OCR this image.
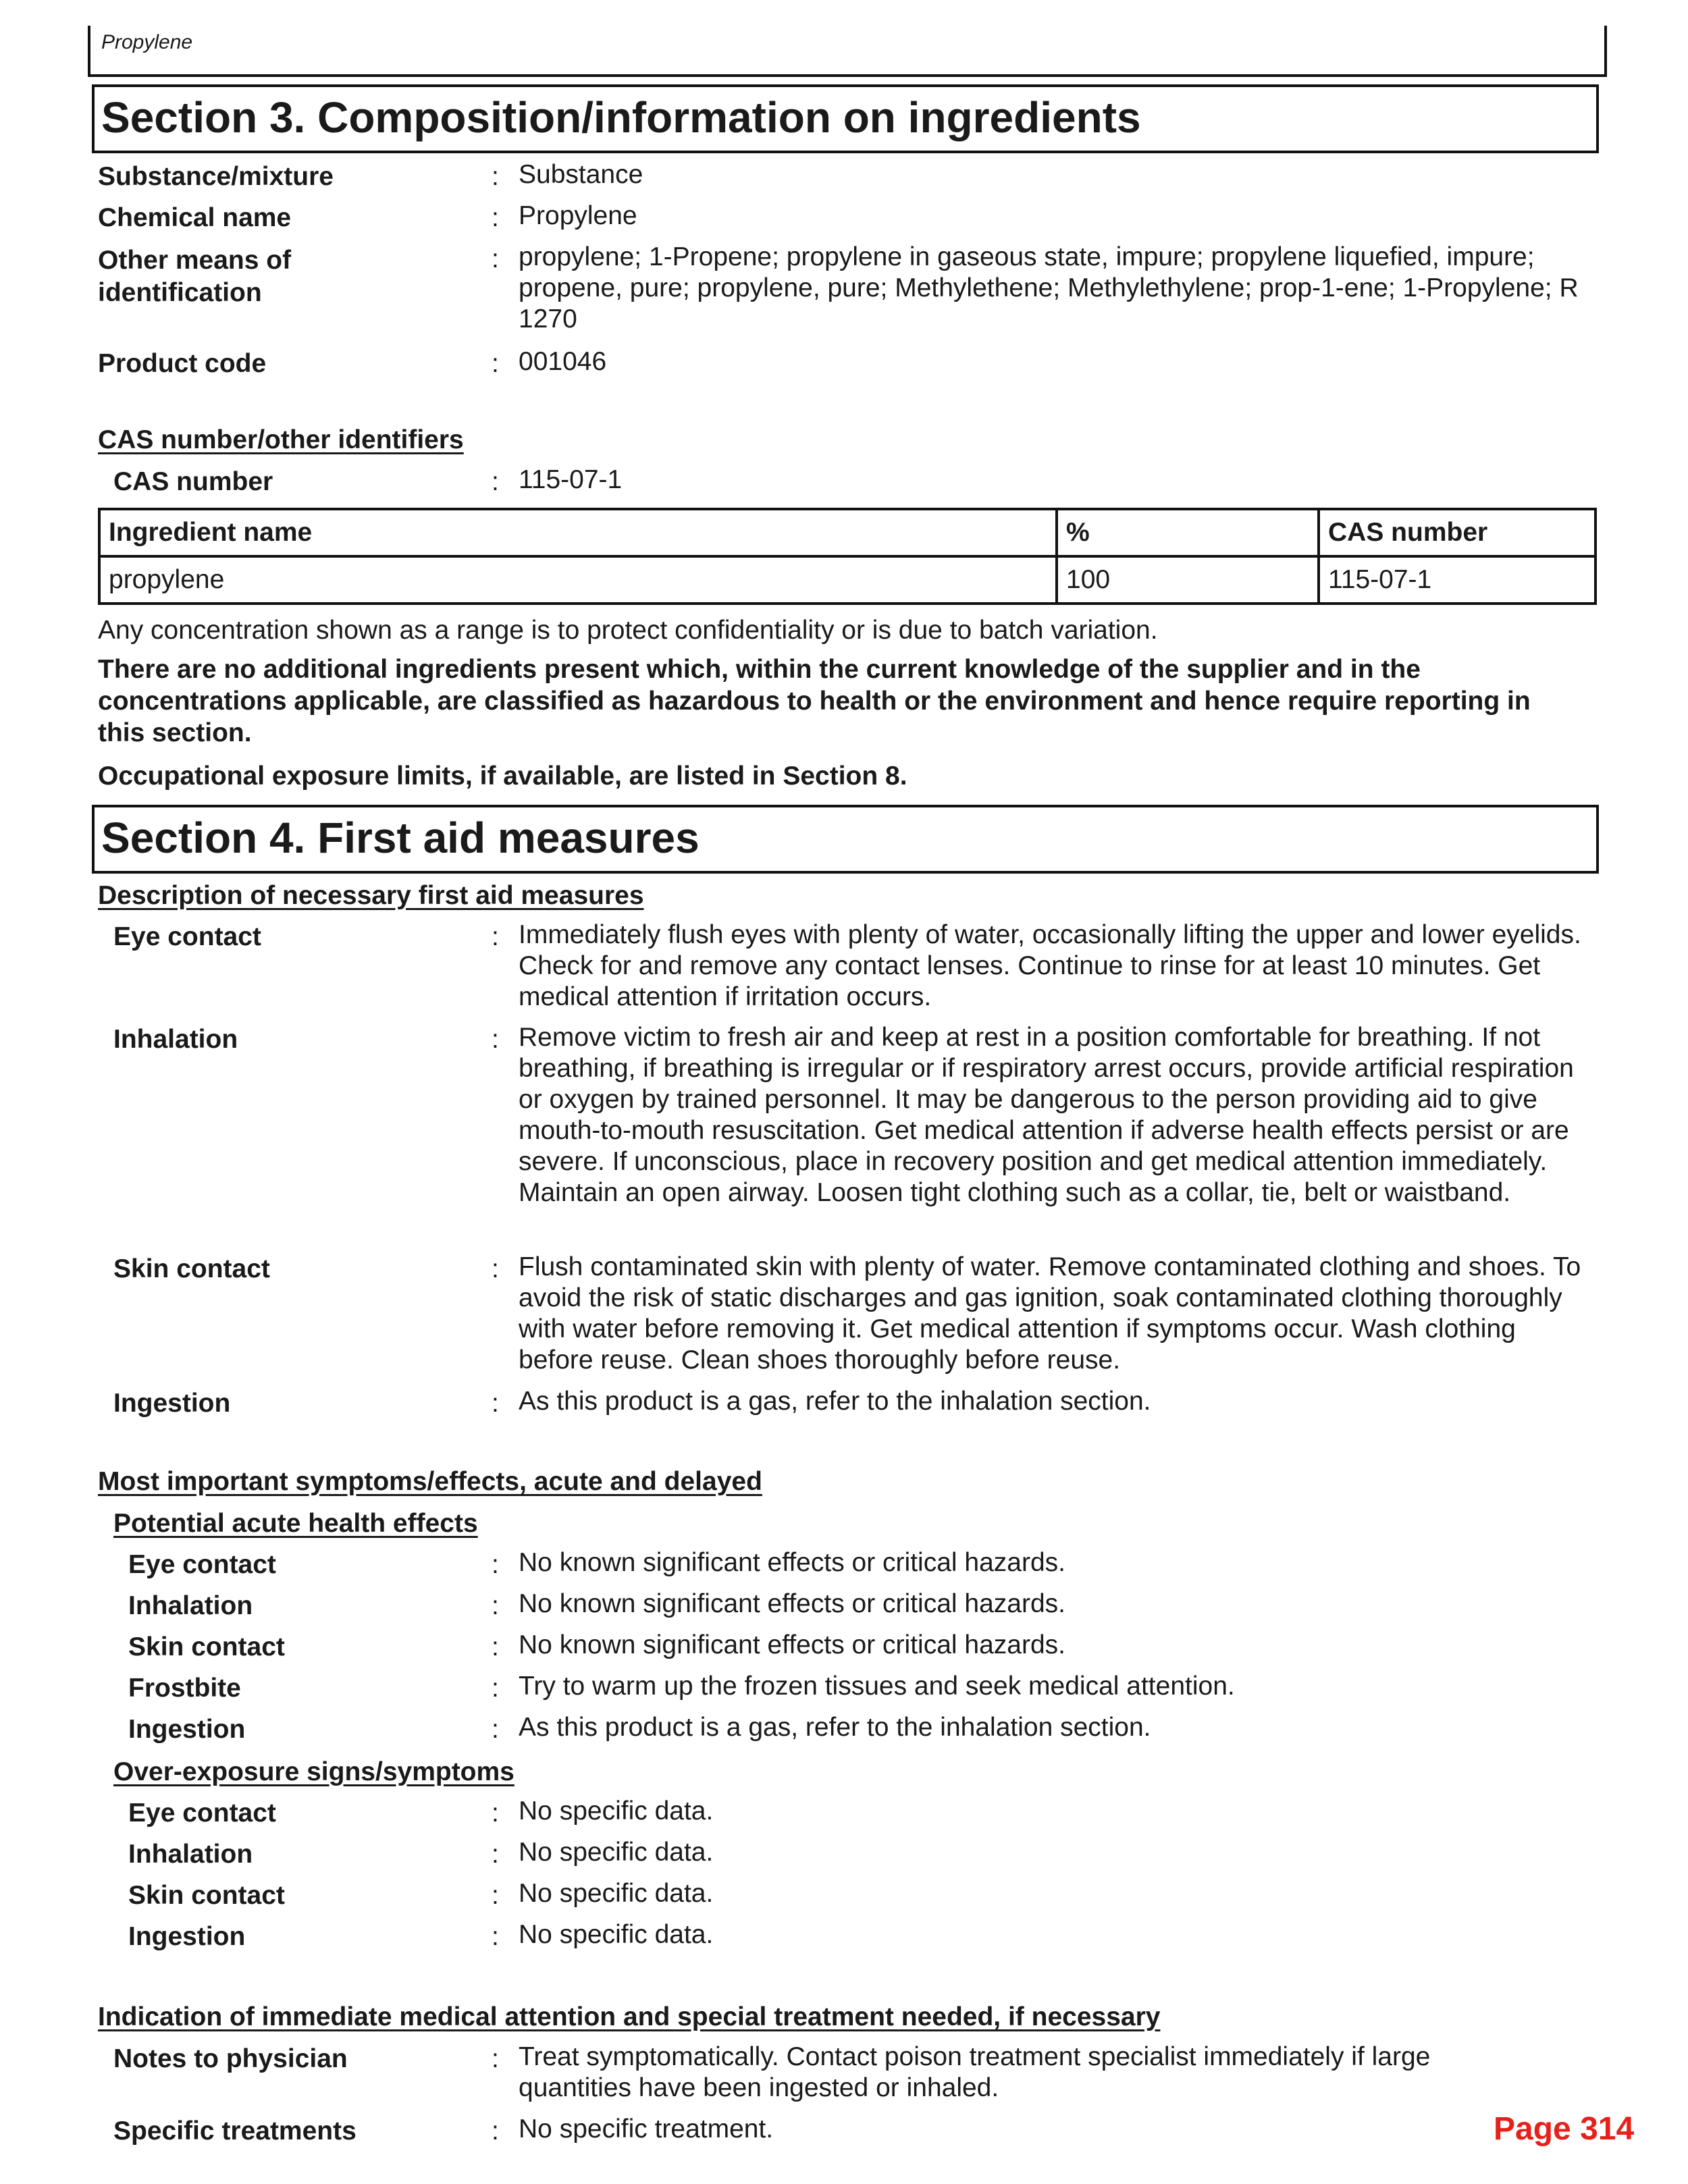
Propylene
Section 3. Composition/information on ingredients
Substance/mixture	: Substance
Chemical name	: Propylene
Other means of identification
: propylene; 1-Propene; propylene in gaseous state, impure; propylene liquefied, impure; propene, pure; propylene, pure; Methylethene; Methylethylene; prop-1-ene; 1-Propylene; R 1270
Product code	: 001046
CAS number/other identifiers
CAS number	: 115-07-1
Ingredient name	%	CAS number
propylene	100	115-07-1
Any concentration shown as a range is to protect confidentiality or is due to batch variation.
There are no additional ingredients present which, within the current knowledge of the supplier and in the concentrations applicable, are classified as hazardous to health or the environment and hence require reporting in this section.
Occupational exposure limits, if available, are listed in Section 8.
Section 4. First aid measures
Description of necessary first aid measures
Eye contact	: Immediately flush eyes with plenty of water, occasionally lifting the upper and lower eyelids. Check for and remove any contact lenses. Continue to rinse for at least 10 minutes. Get medical attention if irritation occurs.
Inhalation	: Remove victim to fresh air and keep at rest in a position comfortable for breathing. If not breathing, if breathing is irregular or if respiratory arrest occurs, provide artificial respiration or oxygen by trained personnel. It may be dangerous to the person providing aid to give mouth-to-mouth resuscitation. Get medical attention if adverse health effects persist or are severe. If unconscious, place in recovery position and get medical attention immediately. Maintain an open airway. Loosen tight clothing such as a collar, tie, belt or waistband.
Skin contact	: Flush contaminated skin with plenty of water. Remove contaminated clothing and shoes. To avoid the risk of static discharges and gas ignition, soak contaminated clothing thoroughly with water before removing it. Get medical attention if symptoms occur. Wash clothing before reuse. Clean shoes thoroughly before reuse.
Ingestion	: As this product is a gas, refer to the inhalation section.
Most important symptoms/effects, acute and delayed
Potential acute health effects
Eye contact	: No known significant effects or critical hazards.
Inhalation	: No known significant effects or critical hazards.
Skin contact	: No known significant effects or critical hazards.
Frostbite	: Try to warm up the frozen tissues and seek medical attention.
Ingestion	: As this product is a gas, refer to the inhalation section.
Over-exposure signs/symptoms
Eye contact	: No specific data.
Inhalation	: No specific data.
Skin contact	: No specific data.
Ingestion	: No specific data.
Indication of immediate medical attention and special treatment needed, if necessary
Notes to physician	: Treat symptomatically. Contact poison treatment specialist immediately if large quantities have been ingested or inhaled.
Specific treatments	: No specific treatment.	Page 314
